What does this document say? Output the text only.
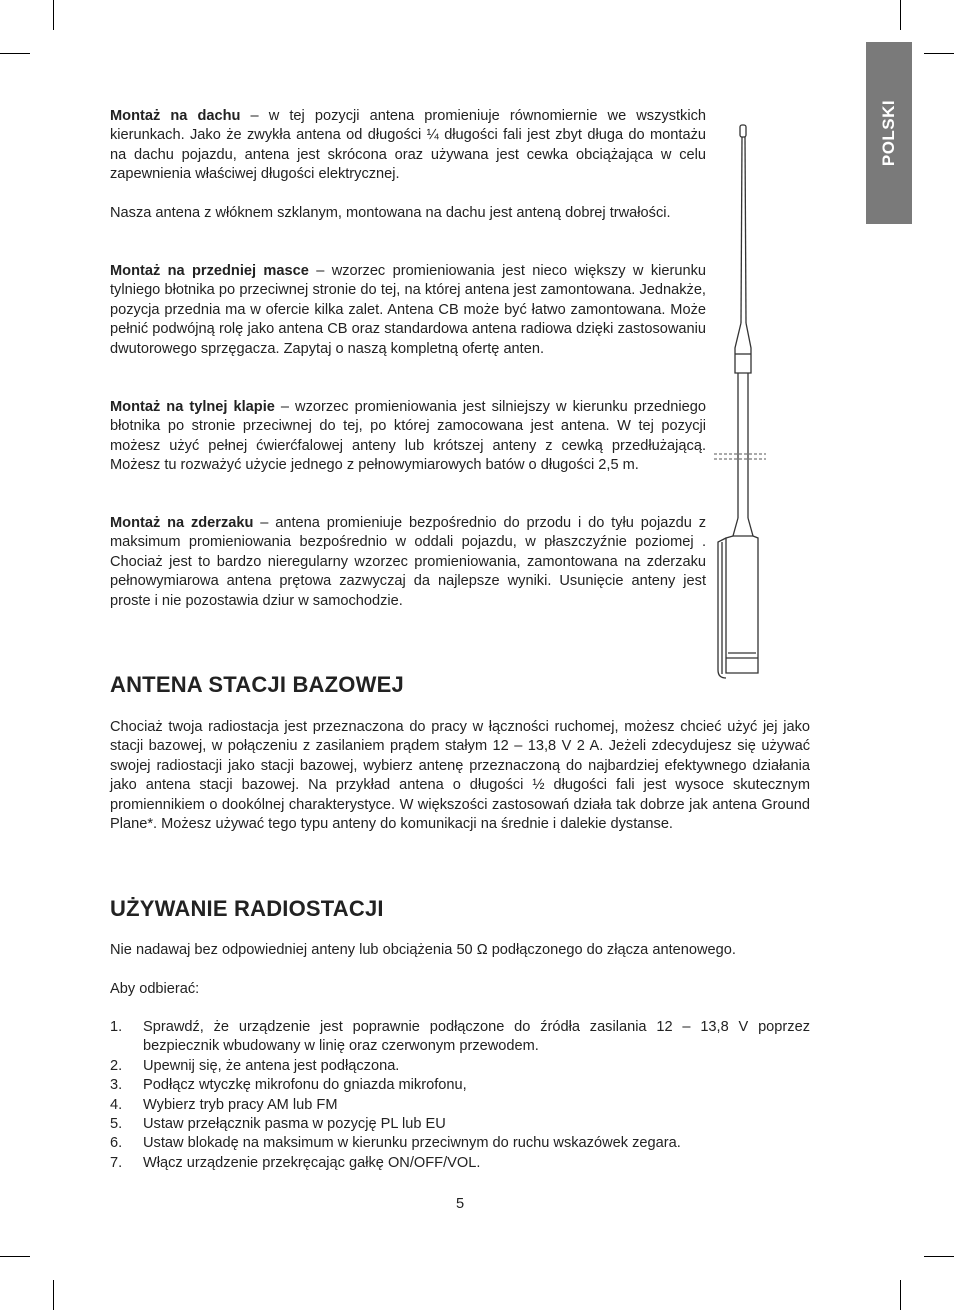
POLSKI

Montaż na dachu – w tej pozycji antena promieniuje równomiernie we wszystkich kierunkach. Jako że zwykła antena od długości ¼ długości fali jest zbyt długa do montażu na dachu pojazdu, antena jest skrócona oraz używana jest cewka obciążająca w celu zapewnienia właściwej długości elektrycznej.

Nasza antena z włóknem szklanym, montowana na dachu jest anteną dobrej trwałości.

Montaż na przedniej masce – wzorzec promieniowania jest nieco większy w kierunku tylniego błotnika po przeciwnej stronie do tej, na której antena jest zamontowana. Jednakże, pozycja przednia ma w ofercie kilka zalet. Antena CB może być łatwo zamontowana. Może pełnić podwójną rolę jako antena CB oraz standardowa antena radiowa dzięki zastosowaniu dwutorowego sprzęgacza. Zapytaj o naszą kompletną ofertę anten.

Montaż na tylnej klapie – wzorzec promieniowania jest silniejszy w kierunku przedniego błotnika po stronie przeciwnej do tej, po której zamocowana jest antena. W tej pozycji możesz użyć pełnej ćwierćfalowej anteny lub krótszej anteny z cewką przedłużającą. Możesz tu rozważyć użycie jednego z pełnowymiarowych batów o długości 2,5 m.

Montaż na zderzaku – antena promieniuje bezpośrednio do przodu i do tyłu pojazdu z maksimum promieniowania bezpośrednio w oddali pojazdu, w płaszczyźnie poziomej . Chociaż jest to bardzo nieregularny wzorzec promieniowania, zamontowana na zderzaku pełnowymiarowa antena prętowa zazwyczaj da najlepsze wyniki. Usunięcie anteny jest proste i nie pozostawia dziur w samochodzie.

ANTENA STACJI BAZOWEJ

Chociaż twoja radiostacja jest przeznaczona do pracy w łączności ruchomej, możesz chcieć użyć jej jako stacji bazowej, w połączeniu z zasilaniem prądem stałym 12 – 13,8 V 2 A. Jeżeli zdecydujesz się używać swojej radiostacji jako stacji bazowej, wybierz antenę przeznaczoną do najbardziej efektywnego działania jako antena stacji bazowej. Na przykład antena o długości ½ długości fali jest wysoce skutecznym promiennikiem o dookólnej charakterystyce. W większości zastosowań działa tak dobrze jak antena Ground Plane*. Możesz używać tego typu anteny do komunikacji na średnie i dalekie dystanse.

UŻYWANIE RADIOSTACJI

Nie nadawaj bez odpowiedniej anteny lub obciążenia 50 Ω podłączonego do złącza antenowego.

Aby odbierać:

1. Sprawdź, że urządzenie jest poprawnie podłączone do źródła zasilania 12 – 13,8 V poprzez bezpiecznik wbudowany w linię oraz czerwonym przewodem.
2. Upewnij się, że antena jest podłączona.
3. Podłącz wtyczkę mikrofonu do gniazda mikrofonu,
4. Wybierz tryb pracy AM lub FM
5. Ustaw przełącznik pasma w pozycję PL lub EU
6. Ustaw blokadę na maksimum w kierunku przeciwnym do ruchu wskazówek zegara.
7. Włącz urządzenie przekręcając gałkę ON/OFF/VOL.
5
